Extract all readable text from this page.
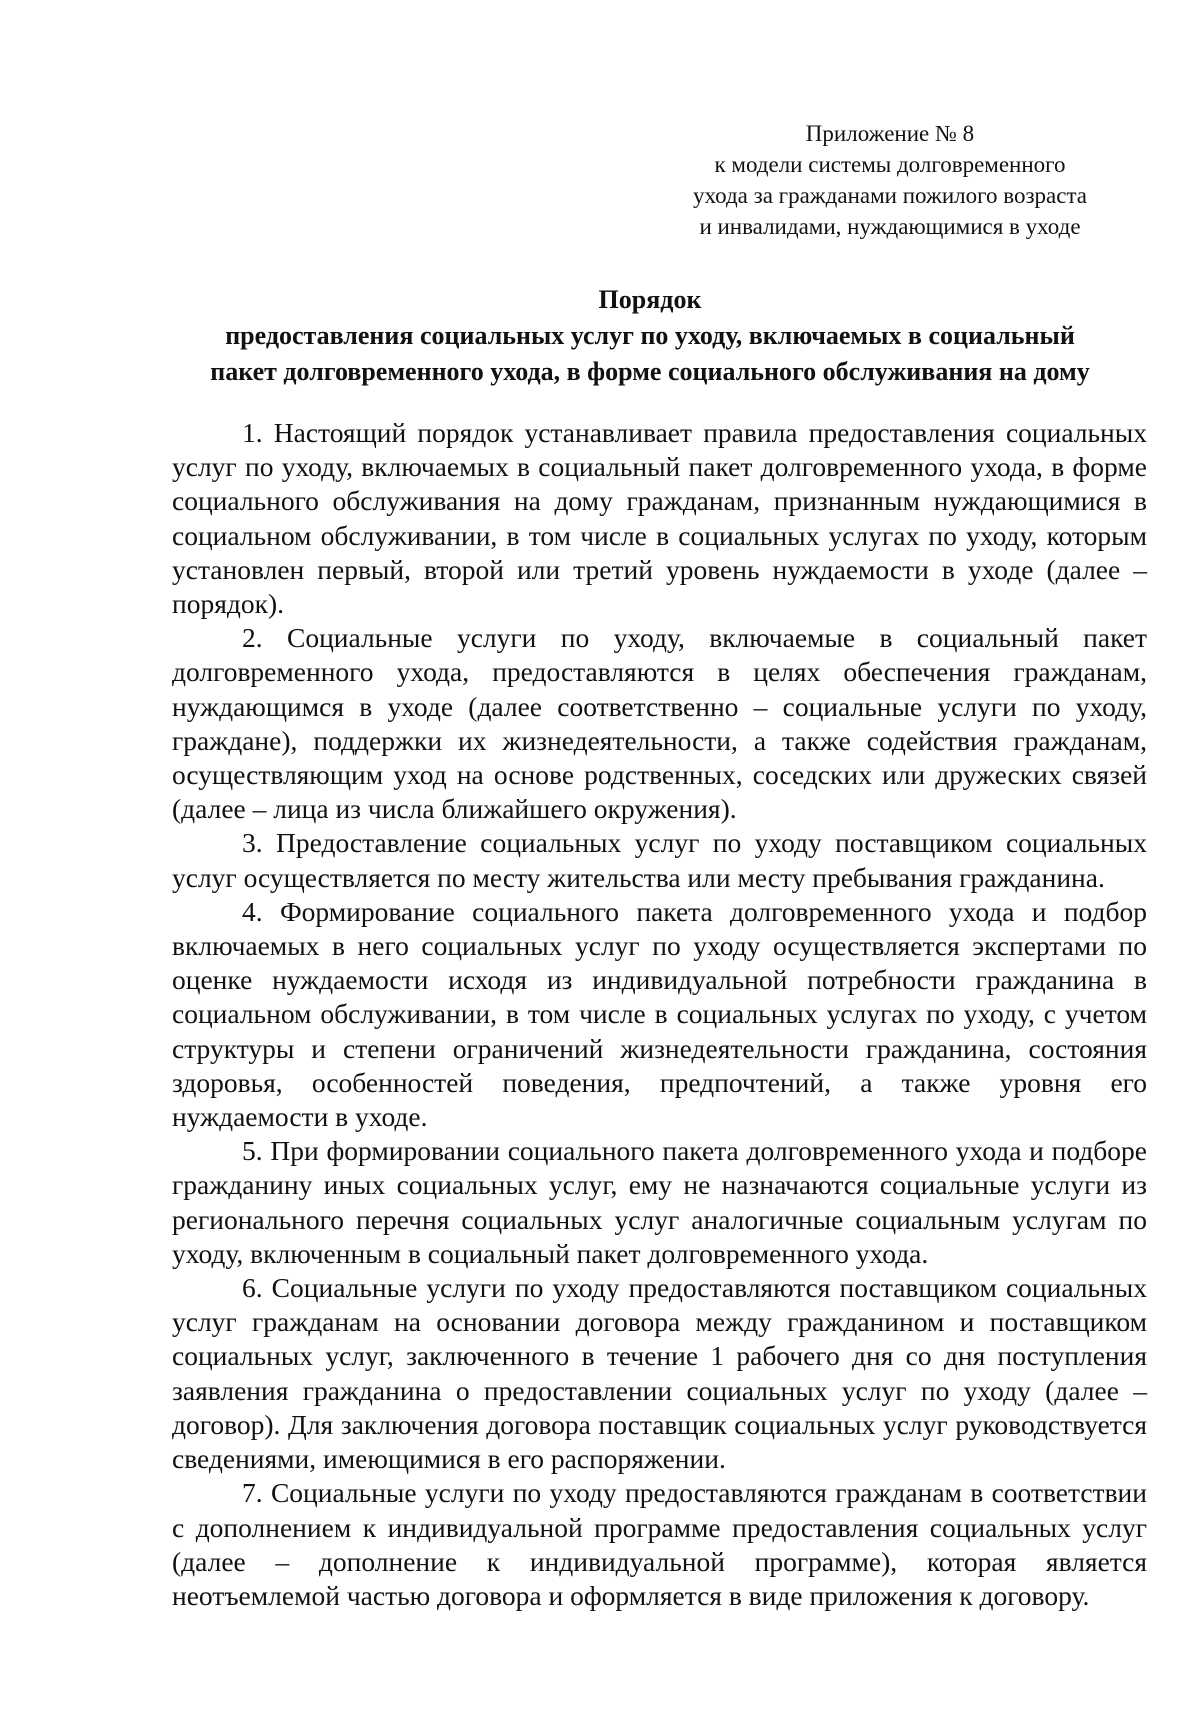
Приложение № 8
к модели системы долговременного
ухода за гражданами пожилого возраста
и инвалидами, нуждающимися в уходе
Порядок
предоставления социальных услуг по уходу, включаемых в социальный
пакет долговременного ухода, в форме социального обслуживания на дому

1. Настоящий порядок устанавливает правила предоставления социальных услуг по уходу, включаемых в социальный пакет долговременного ухода, в форме социального обслуживания на дому гражданам, признанным нуждающимися в социальном обслуживании, в том числе в социальных услугах по уходу, которым установлен первый, второй или третий уровень нуждаемости в уходе (далее – порядок).

2. Социальные услуги по уходу, включаемые в социальный пакет долговременного ухода, предоставляются в целях обеспечения гражданам, нуждающимся в уходе (далее соответственно – социальные услуги по уходу, граждане), поддержки их жизнедеятельности, а также содействия гражданам, осуществляющим уход на основе родственных, соседских или дружеских связей (далее – лица из числа ближайшего окружения).

3. Предоставление социальных услуг по уходу поставщиком социальных услуг осуществляется по месту жительства или месту пребывания гражданина.

4. Формирование социального пакета долговременного ухода и подбор включаемых в него социальных услуг по уходу осуществляется экспертами по оценке нуждаемости исходя из индивидуальной потребности гражданина в социальном обслуживании, в том числе в социальных услугах по уходу, с учетом структуры и степени ограничений жизнедеятельности гражданина, состояния здоровья, особенностей поведения, предпочтений, а также уровня его нуждаемости в уходе.

5. При формировании социального пакета долговременного ухода и подборе гражданину иных социальных услуг, ему не назначаются социальные услуги из регионального перечня социальных услуг аналогичные социальным услугам по уходу, включенным в социальный пакет долговременного ухода.

6. Социальные услуги по уходу предоставляются поставщиком социальных услуг гражданам на основании договора между гражданином и поставщиком социальных услуг, заключенного в течение 1 рабочего дня со дня поступления заявления гражданина о предоставлении социальных услуг по уходу (далее – договор). Для заключения договора поставщик социальных услуг руководствуется сведениями, имеющимися в его распоряжении.

7. Социальные услуги по уходу предоставляются гражданам в соответствии с дополнением к индивидуальной программе предоставления социальных услуг (далее – дополнение к индивидуальной программе), которая является неотъемлемой частью договора и оформляется в виде приложения к договору.
